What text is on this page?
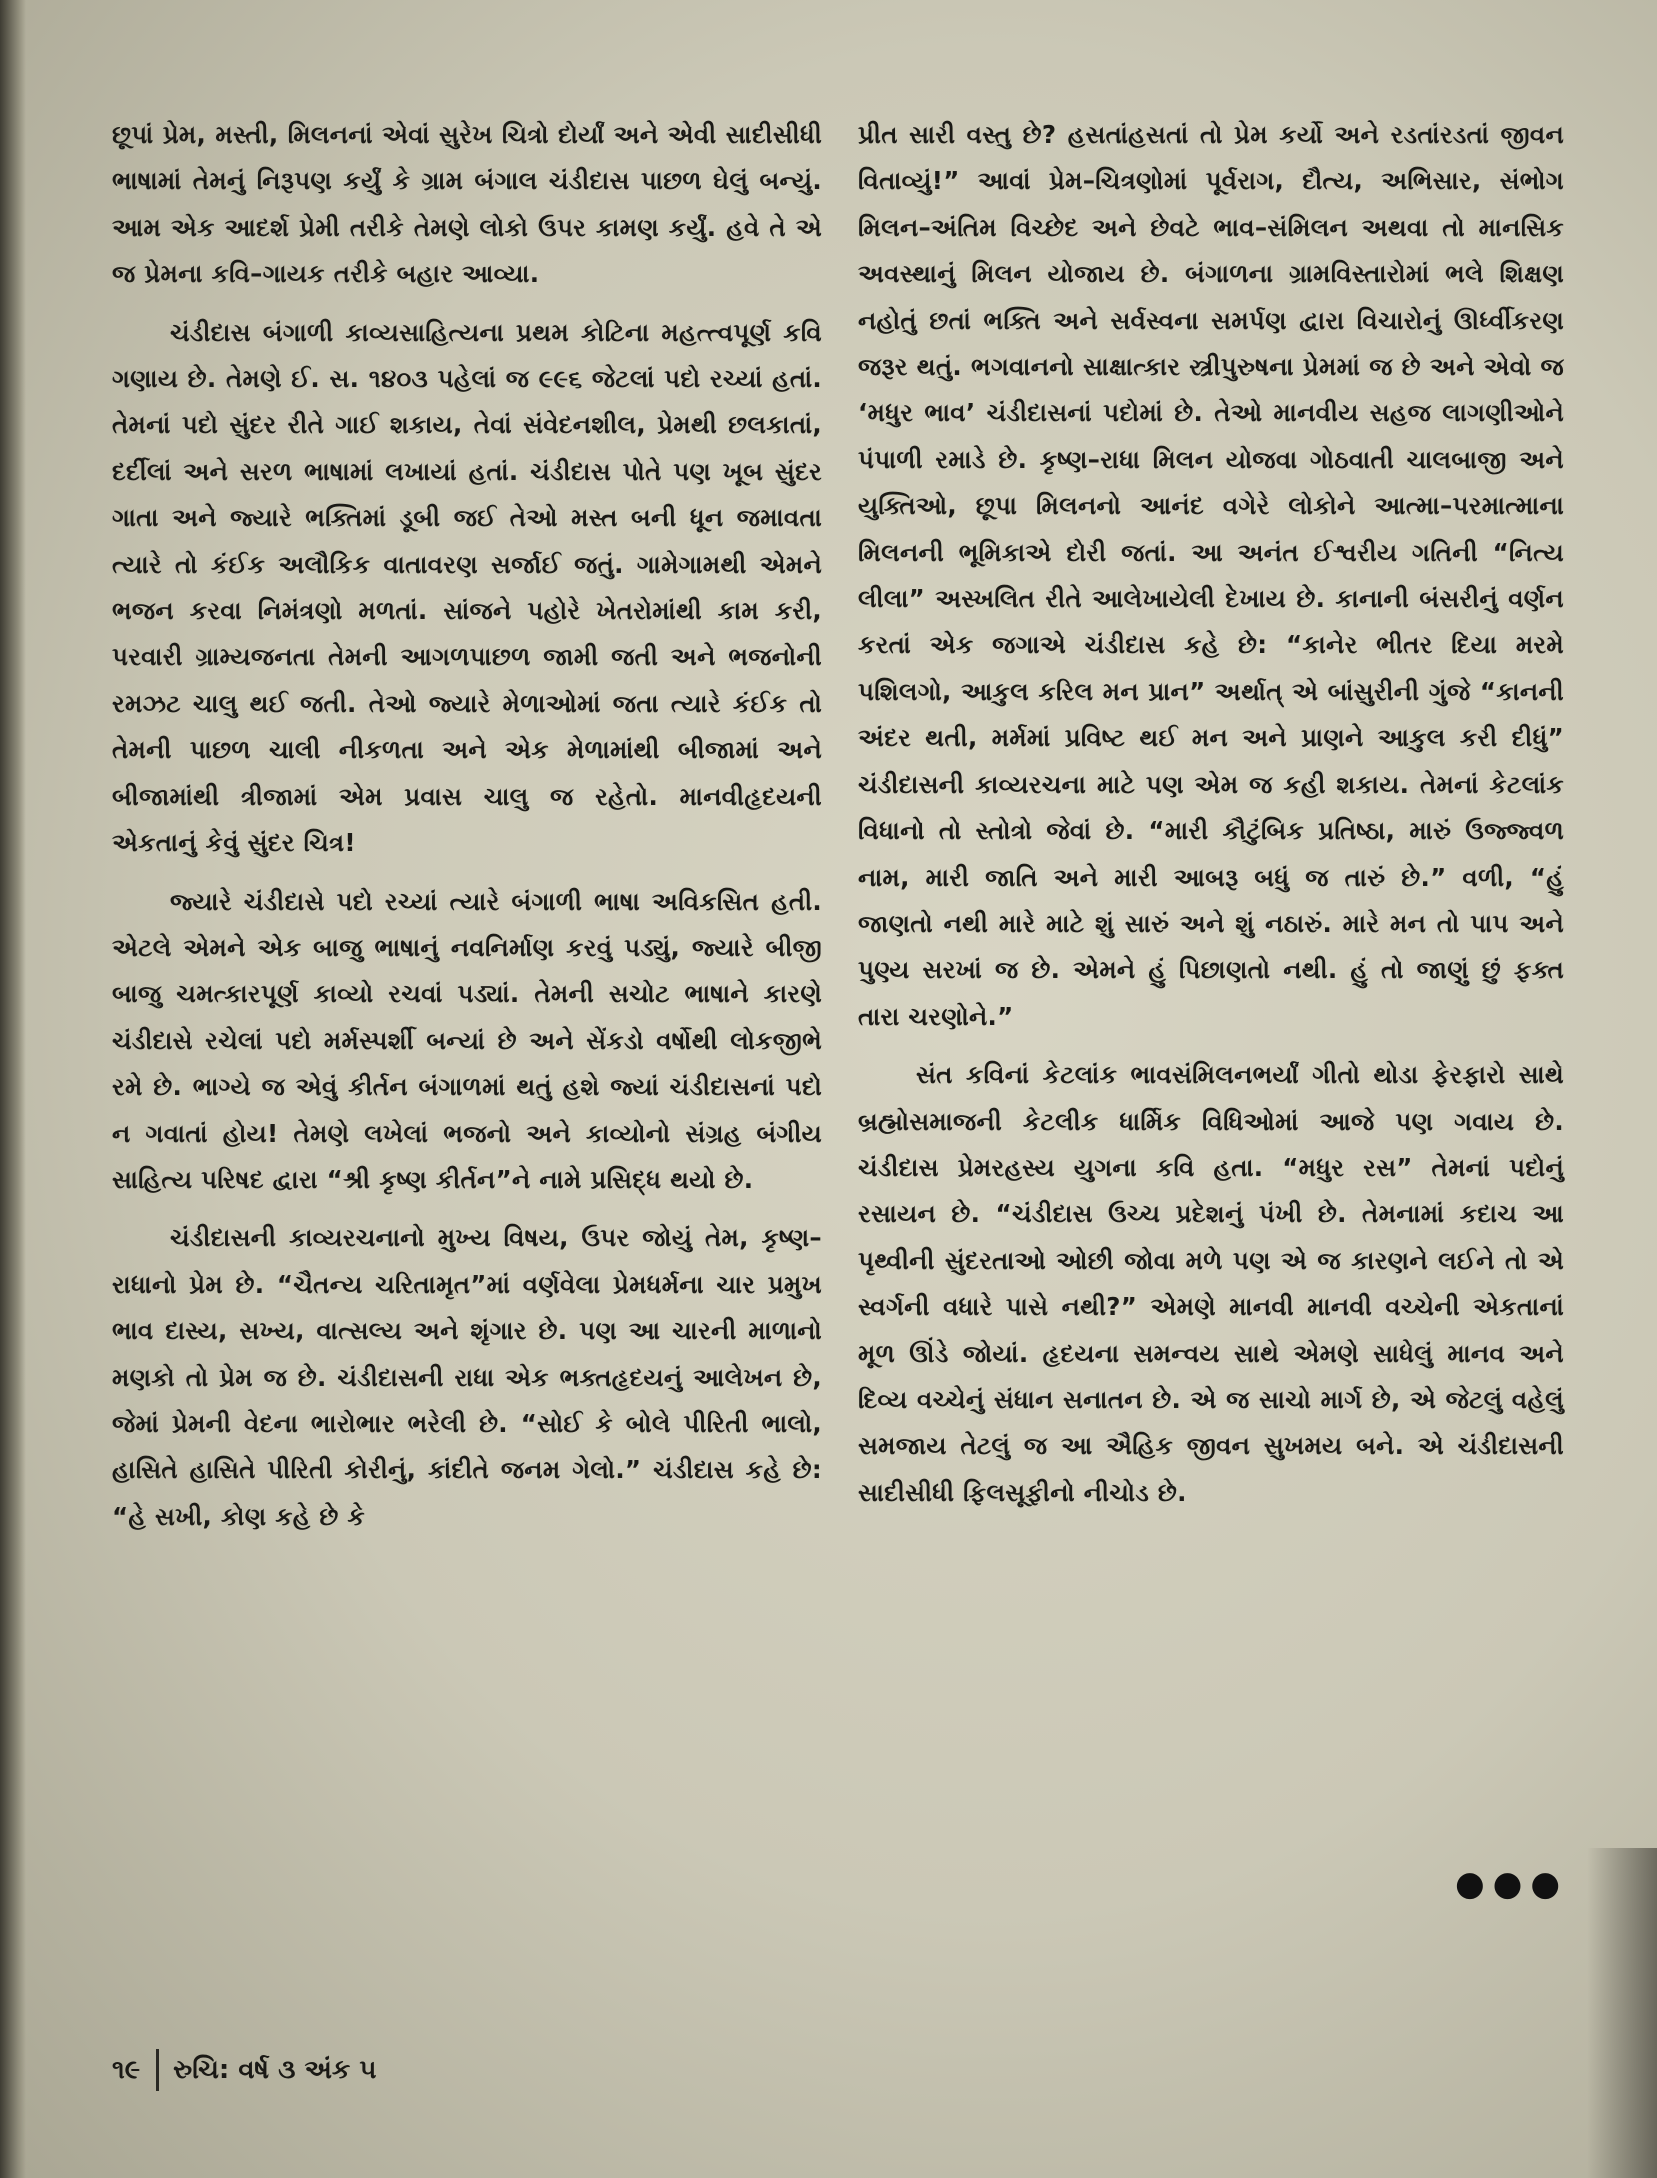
છૂપાં પ્રેમ, મસ્તી, મિલનનાં એવાં સુરેખ ચિત્રો દોર્યાં અને એવી સાદીસીધી ભાષામાં તેમનું નિરૂપણ કર્યું કે ગ્રામ બંગાલ ચંડીદાસ પાછળ ઘેલું બન્યું. આમ એક આદર્શ પ્રેમી તરીકે તેમણે લોકો ઉપર કામણ કર્યું. હવે તે એ જ પ્રેમના કવિ–ગાયક તરીકે બહાર આવ્યા.

ચંડીદાસ બંગાળી કાવ્યસાહિત્યના પ્રથમ કોટિના મહત્ત્વપૂર્ણ કવિ ગણાય છે. તેમણે ઈ. સ. ૧૪૦૩ પહેલાં જ ૯૯૬ જેટલાં પદો રચ્યાં હતાં. તેમનાં પદો સુંદર રીતે ગાઈ શકાય, તેવાં સંવેદનશીલ, પ્રેમથી છલકાતાં, દર્દીલાં અને સરળ ભાષામાં લખાયાં હતાં. ચંડીદાસ પોતે પણ ખૂબ સુંદર ગાતા અને જ્યારે ભક્તિમાં ડૂબી જઈ તેઓ મસ્ત બની ધૂન જમાવતા ત્યારે તો કંઈક અલૌકિક વાતાવરણ સર્જાઈ જતું. ગામેગામથી એમને ભજન કરવા નિમંત્રણો મળતાં. સાંજને પહોરે ખેતરોમાંથી કામ કરી, પરવારી ગ્રામ્યજનતા તેમની આગળપાછળ જામી જતી અને ભજનોની રમઝટ ચાલુ થઈ જતી. તેઓ જ્યારે મેળાઓમાં જતા ત્યારે કંઈક તો તેમની પાછળ ચાલી નીકળતા અને એક મેળામાંથી બીજામાં અને બીજામાંથી ત્રીજામાં એમ પ્રવાસ ચાલુ જ રહેતો. માનવીહૃદયની એકતાનું કેવું સુંદર ચિત્ર!

જ્યારે ચંડીદાસે પદો રચ્યાં ત્યારે બંગાળી ભાષા અવિકસિત હતી. એટલે એમને એક બાજુ ભાષાનું નવનિર્માણ કરવું પડ્યું, જ્યારે બીજી બાજુ ચમત્કારપૂર્ણ કાવ્યો રચવાં પડ્યાં. તેમની સચોટ ભાષાને કારણે ચંડીદાસે રચેલાં પદો મર્મસ્પર્શી બન્યાં છે અને સેંકડો વર્ષોથી લોકજીભે રમે છે. ભાગ્યે જ એવું કીર્તન બંગાળમાં થતું હશે જ્યાં ચંડીદાસનાં પદો ન ગવાતાં હોય! તેમણે લખેલાં ભજનો અને કાવ્યોનો સંગ્રહ બંગીય સાહિત્ય પરિષદ દ્વારા “શ્રી કૃષ્ણ કીર્તન”ને નામે પ્રસિદ્ધ થયો છે.

ચંડીદાસની કાવ્યરચનાનો મુખ્ય વિષય, ઉપર જોયું તેમ, કૃષ્ણ–રાધાનો પ્રેમ છે. “ચૈતન્ય ચરિતામૃત”માં વર્ણવેલા પ્રેમધર્મના ચાર પ્રમુખ ભાવ દાસ્ય, સખ્ય, વાત્સલ્ય અને શૃંગાર છે. પણ આ ચારની માળાનો મણકો તો પ્રેમ જ છે. ચંડીદાસની રાધા એક ભક્તહૃદયનું આલેખન છે, જેમાં પ્રેમની વેદના ભારોભાર ભરેલી છે. “સોઈ કે બોલે પીરિતી ભાલો, હાસિતે હાસિતે પીરિતી કોરીનું, કાંદીતે જનમ ગેલો.” ચંડીદાસ કહે છે: “હે સખી, કોણ કહે છે કે

પ્રીત સારી વસ્તુ છે? હસતાંહસતાં તો પ્રેમ કર્યો અને રડતાંરડતાં જીવન વિતાવ્યું!” આવાં પ્રેમ–ચિત્રણોમાં પૂર્વરાગ, દૌત્ય, અભિસાર, સંભોગ મિલન–અંતિમ વિચ્છેદ અને છેવટે ભાવ–સંમિલન અથવા તો માનસિક અવસ્થાનું મિલન યોજાય છે. બંગાળના ગ્રામવિસ્તારોમાં ભલે શિક્ષણ નહોતું છતાં ભક્તિ અને સર્વસ્વના સમર્પણ દ્વારા વિચારોનું ઊર્ધ્વીકરણ જરૂર થતું. ભગવાનનો સાક્ષાત્કાર સ્ત્રીપુરુષના પ્રેમમાં જ છે અને એવો જ ‘મધુર ભાવ’ ચંડીદાસનાં પદોમાં છે. તેઓ માનવીય સહજ લાગણીઓને પંપાળી રમાડે છે. કૃષ્ણ–રાધા મિલન યોજવા ગોઠવાતી ચાલબાજી અને યુક્તિઓ, છૂપા મિલનનો આનંદ વગેરે લોકોને આત્મા–પરમાત્માના મિલનની ભૂમિકાએ દોરી જતાં. આ અનંત ઈશ્વરીય ગતિની “નિત્ય લીલા” અસ્ખલિત રીતે આલેખાયેલી દેખાય છે. કાનાની બંસરીનું વર્ણન કરતાં એક જગાએ ચંડીદાસ કહે છે: “કાનેર ભીતર દિયા મરમે પશિલગો, આકુલ કરિલ મન પ્રાન” અર્થાત્ એ બાંસુરીની ગુંજે “કાનની અંદર થતી, મર્મમાં પ્રવિષ્ટ થઈ મન અને પ્રાણને આકુલ કરી દીધું” ચંડીદાસની કાવ્યરચના માટે પણ એમ જ કહી શકાય. તેમનાં કેટલાંક વિધાનો તો સ્તોત્રો જેવાં છે. “મારી કૌટુંબિક પ્રતિષ્ઠા, મારું ઉજ્જ્વળ નામ, મારી જાતિ અને મારી આબરૂ બધું જ તારું છે.” વળી, “હું જાણતો નથી મારે માટે શું સારું અને શું નઠારું. મારે મન તો પાપ અને પુણ્ય સરખાં જ છે. એમને હું પિછાણતો નથી. હું તો જાણું છું ફક્ત તારા ચરણોને.”

સંત કવિનાં કેટલાંક ભાવસંમિલનભર્યાં ગીતો થોડા ફેરફારો સાથે બ્રહ્મોસમાજની કેટલીક ધાર્મિક વિધિઓમાં આજે પણ ગવાય છે. ચંડીદાસ પ્રેમરહસ્ય યુગના કવિ હતા. “મધુર રસ” તેમનાં પદોનું રસાયન છે. “ચંડીદાસ ઉચ્ચ પ્રદેશનું પંખી છે. તેમનામાં કદાચ આ પૃથ્વીની સુંદરતાઓ ઓછી જોવા મળે પણ એ જ કારણને લઈને તો એ સ્વર્ગની વધારે પાસે નથી?” એમણે માનવી માનવી વચ્ચેની એકતાનાં મૂળ ઊંડે જોયાં. હૃદયના સમન્વય સાથે એમણે સાધેલું માનવ અને દિવ્ય વચ્ચેનું સંધાન સનાતન છે. એ જ સાચો માર્ગ છે, એ જેટલું વહેલું સમજાય તેટલું જ આ ઐહિક જીવન સુખમય બને. એ ચંડીદાસની સાદીસીધી ફિલસૂફીનો નીચોડ છે.

●●●
૧૯ રુચિ: વર્ષ ૩ અંક ૫
